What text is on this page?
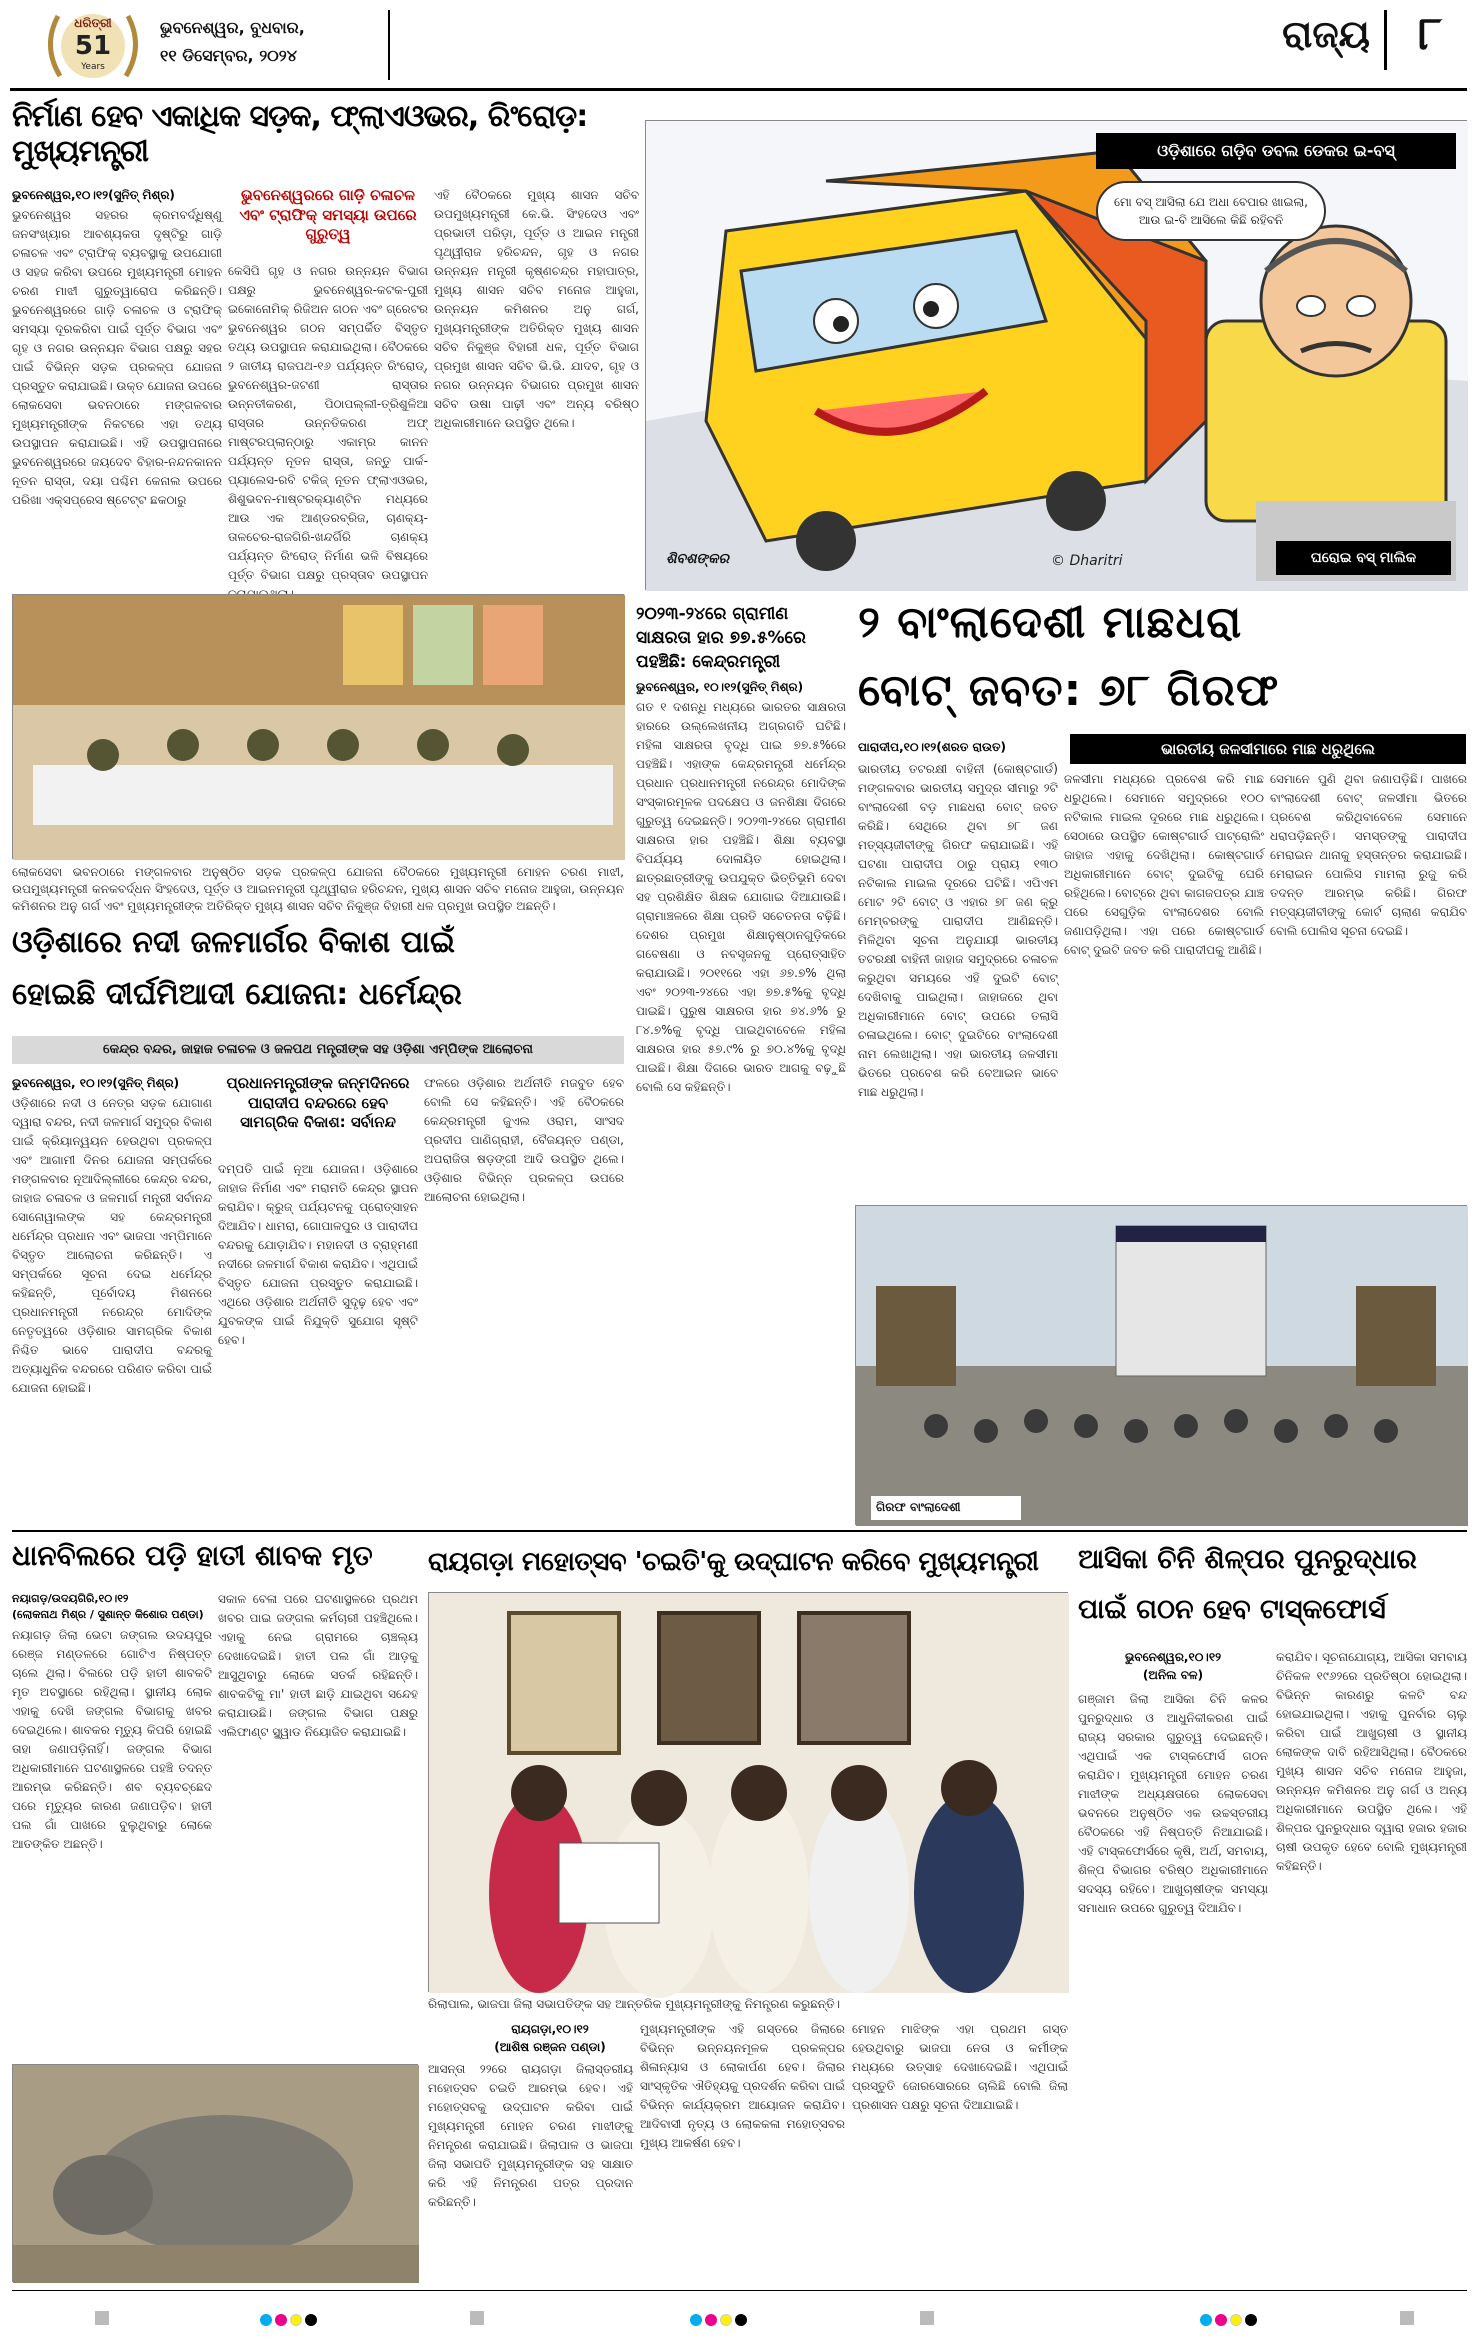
ଧରିତ୍ରୀ
51
Years
ଭୁବନେଶ୍ୱର, ବୁଧବାର,
୧୧ ଡିସେମ୍ବର, ୨୦୨୪	ରାଜ୍ୟ	୮
ନିର୍ମାଣ ହେବ ଏକାଧିକ ସଡ଼କ, ଫ୍ଲାଏଓଭର, ରିଂରୋଡ଼: ମୁଖ୍ୟମନ୍ତ୍ରୀ
ଭୁବନେଶ୍ୱର,୧୦।୧୨(ସୁନିତ୍ ମିଶ୍ର)
ଭୁବନେଶ୍ୱର ସହରର କ୍ରମବର୍ଦ୍ଧିଷ୍ଣୁ ଜନସଂଖ୍ୟାର ଆବଶ୍ୟକତା ଦୃଷ୍ଟିରୁ ଗାଡ଼ି ଚଳାଚଳ ଏବଂ ଟ୍ରାଫିକ୍ ବ୍ୟବସ୍ଥାକୁ ଉପଯୋଗୀ ଓ ସହଜ କରିବା ଉପରେ ମୁଖ୍ୟମନ୍ତ୍ରୀ ମୋହନ ଚରଣ ମାଝୀ ଗୁରୁତ୍ୱାରୋପ କରିଛନ୍ତି। ଭୁବନେଶ୍ୱରରେ ଗାଡ଼ି ଚଳାଚଳ ଓ ଟ୍ରାଫିକ୍ ସମସ୍ୟା ଦୂରକରିବା ପାଇଁ ପୂର୍ତ୍ତ ବିଭାଗ ଏବଂ ଗୃହ ଓ ନଗର ଉନ୍ନୟନ ବିଭାଗ ପକ୍ଷରୁ ସହର ପାଇଁ ବିଭିନ୍ନ ସଡ଼କ ପ୍ରକଳ୍ପ ଯୋଜନା ପ୍ରସ୍ତୁତ କରାଯାଇଛି। ଉକ୍ତ ଯୋଜନା ଉପରେ ଲୋକସେବା ଭବନଠାରେ ମଙ୍ଗଳବାର ମୁଖ୍ୟମନ୍ତ୍ରୀଙ୍କ ନିକଟରେ ଏହା ତଥ୍ୟ ଉପସ୍ଥାପନ କରାଯାଇଛି। ଏହି ଉପସ୍ଥାପନାରେ ଭୁବନେଶ୍ୱରରେ ଜୟଦେବ ବିହାର-ନନ୍ଦନକାନନ ନୂତନ ରାସ୍ତା, ଦୟା ପଶ୍ଚିମ କେନାଲ ଉପରେ ପରିଖା ଏକ୍ସପ୍ରେସ ଷ୍ଟେଟ୍ଟ ଛକଠାରୁ
ଭୁବନେଶ୍ୱରରେ ଗାଡ଼ି ଚଳାଚଳ ଏବଂ ଟ୍ରାଫିକ୍ ସମସ୍ୟା ଉପରେ ଗୁରୁତ୍ୱ
କେସିପି ଗୃହ ଓ ନଗର ଉନ୍ନୟନ ବିଭାଗ ପକ୍ଷରୁ ଭୁବନେଶ୍ୱର-କଟକ-ପୁରୀ ଇକୋନୋମିକ୍ ରିଜିଅନ ଗଠନ ଏବଂ ଗ୍ରେଟର ଭୁବନେଶ୍ୱର ଗଠନ ସମ୍ପର୍କିତ ବିସ୍ତୃତ ତଥ୍ୟ ଉପସ୍ଥାପନ କରାଯାଇଥିଲା। ବୈଠକରେ ୨ ଜାତୀୟ ରାଜପଥ-୧୬ ପର୍ଯ୍ୟନ୍ତ ରିଂରୋଡ୍, ଭୁବନେଶ୍ୱର-ଜଟଣୀ ରାସ୍ତାର ଉନ୍ନତୀକରଣ, ପିଠାପଲ୍ଲୀ-ତ୍ରିଶୁଳିଆ ରାସ୍ତାର ଉନ୍ନତିକରଣ ଅଫ୍ ମାଷ୍ଟରପ୍ଲାନ୍ଠାରୁ ଏକାମ୍ର କାନନ ପର୍ଯ୍ୟନ୍ତ ନୂତନ ରାସ୍ତା, ଜନ୍ତୁ ପାର୍କ-ପ୍ୟାଲେସ-ରବି ଟକିଜ୍ ନୂତନ ଫ୍ଲାଏଓଭର, ଶିଶୁଭବନ-ମାଷ୍ଟରକ୍ୟାଣ୍ଟିନ ମଧ୍ୟରେ ଆଉ ଏକ ଆଣ୍ଡରବ୍ରିଜ, ଚାଣକ୍ୟ-ତାଳଚେର-ରାଜଗିରି-ଖନ୍ଦର୍ଗିରି ଚାଣକ୍ୟ ପର୍ଯ୍ୟନ୍ତ ରିଂରୋଡ୍ ନିର୍ମାଣ ଭଳି ବିଷୟରେ ପୂର୍ତ୍ତ ବିଭାଗ ପକ୍ଷରୁ ପ୍ରସ୍ତାବ ଉପସ୍ଥାପନ
ଏହି ବୈଠକରେ ମୁଖ୍ୟ ଶାସନ ସଚିବ ଉପମୁଖ୍ୟମନ୍ତ୍ରୀ କେ.ଭି. ସିଂହଦେଓ ଏବଂ ପ୍ରଭାତୀ ପରିଡ଼ା, ପୂର୍ତ୍ତ ଓ ଆଇନ ମନ୍ତ୍ରୀ ପୃଥ୍ୱୀରାଜ ହରିଚନ୍ଦନ, ଗୃହ ଓ ନଗର ଉନ୍ନୟନ ମନ୍ତ୍ରୀ କୃଷ୍ଣଚନ୍ଦ୍ର ମହାପାତ୍ର, ମୁଖ୍ୟ ଶାସନ ସଚିବ ମନୋଜ ଆହୁଜା, ଉନ୍ନୟନ କମିଶନର ଅନୁ ଗର୍ଗ, ମୁଖ୍ୟମନ୍ତ୍ରୀଙ୍କ ଅତିରିକ୍ତ ମୁଖ୍ୟ ଶାସନ ସଚିବ ନିକୁଞ୍ଜ ବିହାରୀ ଧଳ, ପୂର୍ତ୍ତ ବିଭାଗ ପ୍ରମୁଖ ଶାସନ ସଚିବ ଭି.ଭି. ଯାଦବ, ଗୃହ ଓ ନଗର ଉନ୍ନୟନ ବିଭାଗର ପ୍ରମୁଖ ଶାସନ ସଚିବ ଉଷା ପାଢ଼ୀ ଏବଂ ଅନ୍ୟ ବରିଷ୍ଠ ଅଧିକାରୀମାନେ ଉପସ୍ଥିତ ଥିଲେ।
ଓଡ଼ିଶାରେ ଗଡ଼ିବ ଡବଲ ଡେକର ଇ-ବସ୍
ମୋ ବସ୍ ଆସିଲା ଯେ ଅଧା ବେପାର ଖାଇଲା, ଆଉ ଇ-ବି ଆସିଲେ କିଛି ରହିବନି
ଶିବଶଙ୍କର	© Dharitri	ଘରୋଇ ବସ୍ ମାଲିକ
ଲୋକସେବା ଭବନଠାରେ ମଙ୍ଗଳବାର ଅନୁଷ୍ଠିତ ସଡ଼କ ପ୍ରକଳ୍ପ ଯୋଜନା ବୈଠକରେ ମୁଖ୍ୟମନ୍ତ୍ରୀ ମୋହନ ଚରଣ ମାଝୀ, ଉପମୁଖ୍ୟମନ୍ତ୍ରୀ କନକବର୍ଦ୍ଧନ ସିଂହଦେଓ, ପୂର୍ତ୍ତ ଓ ଆଇନମନ୍ତ୍ରୀ ପୃଥ୍ୱୀରାଜ ହରିଚନ୍ଦନ, ମୁଖ୍ୟ ଶାସନ ସଚିବ ମନୋଜ ଆହୁଜା, ଉନ୍ନୟନ କମିଶନର ଅନୁ ଗର୍ଗ ଏବଂ ମୁଖ୍ୟମନ୍ତ୍ରୀଙ୍କ ଅତିରିକ୍ତ ମୁଖ୍ୟ ଶାସନ ସଚିବ ନିକୁଞ୍ଜ ବିହାରୀ ଧଳ ପ୍ରମୁଖ ଉପସ୍ଥିତ ଅଛନ୍ତି।
୨୦୨୩-୨୪ରେ ଗ୍ରାମୀଣ ସାକ୍ଷରତା ହାର ୭୭.୫%ରେ ପହଞ୍ଚିଛି: କେନ୍ଦ୍ରମନ୍ତ୍ରୀ
ଭୁବନେଶ୍ୱର, ୧୦।୧୨(ସୁନିତ୍ ମିଶ୍ର)
ଗତ ୧ ଦଶନ୍ଧି ମଧ୍ୟରେ ଭାରତର ସାକ୍ଷରତା ହାରରେ ଉଲ୍ଲେଖନୀୟ ଅଗ୍ରଗତି ଘଟିଛି। ମହିଳା ସାକ୍ଷରତା ବୃଦ୍ଧି ପାଇ ୭୭.୫%ରେ ପହଞ୍ଚିଛି। ଏହାଙ୍କ କେନ୍ଦ୍ରମନ୍ତ୍ରୀ ଧର୍ମେନ୍ଦ୍ର ପ୍ରଧାନ ପ୍ରଧାନମନ୍ତ୍ରୀ ନରେନ୍ଦ୍ର ମୋଦିଙ୍କ ସଂସ୍କାରମୂଳକ ପଦକ୍ଷେପ ଓ ଜନଶିକ୍ଷା ଦିଗରେ ଗୁରୁତ୍ୱ ଦେଇଛନ୍ତି। ୨୦୨୩-୨୪ରେ ଗ୍ରାମୀଣ ସାକ୍ଷରତା ହାର ପହଞ୍ଚିଛି। ଶିକ୍ଷା ବ୍ୟବସ୍ଥା ବିପର୍ଯ୍ୟୟ ଦୋଳାୟିତ ହୋଇଥିଲା। ଛାତ୍ରଛାତ୍ରୀଙ୍କୁ ଉପଯୁକ୍ତ ଭିତ୍ତିଭୂମି ଦେବା ସହ ପ୍ରଶିକ୍ଷିତ ଶିକ୍ଷକ ଯୋଗାଇ ଦିଆଯାଉଛି। ଗ୍ରାମାଞ୍ଚଳରେ ଶିକ୍ଷା ପ୍ରତି ସଚେତନତା ବଢ଼ିଛି। ଦେଶର ପ୍ରମୁଖ ଶିକ୍ଷାନୁଷ୍ଠାନଗୁଡ଼ିକରେ ଗବେଷଣା ଓ ନବସୃଜନକୁ ପ୍ରୋତ୍ସାହିତ କରାଯାଉଛି। ୨୦୧୧ରେ ଏହା ୬୭.୭% ଥିଲା ଏବଂ ୨୦୨୩-୨୪ରେ ଏହା ୭୭.୫%କୁ ବୃଦ୍ଧି ପାଇଛି। ପୁରୁଷ ସାକ୍ଷରତା ହାର ୭୪.୬% ରୁ ୮୪.୭%କୁ ବୃଦ୍ଧି ପାଇଥିବାବେଳେ ମହିଳା ସାକ୍ଷରତା ହାର ୫୭.୯% ରୁ ୭୦.୪%କୁ ବୃଦ୍ଧି ପାଇଛି। ଶିକ୍ଷା ଦିଗରେ ଭାରତ ଆଗକୁ ବଢ଼ୁଛି ବୋଲି ସେ କହିଛନ୍ତି।
୨ ବାଂଲାଦେଶୀ ମାଛଧରା
ବୋଟ୍ ଜବତ: ୭୮ ଗିରଫ
ପାରାଦୀପ,୧୦।୧୨(ଶରତ ରାଉତ)	ଭାରତୀୟ ଜଳସୀମାରେ ମାଛ ଧରୁଥିଲେ
ଭାରତୀୟ ତଟରକ୍ଷୀ ବାହିନୀ (କୋଷ୍ଟଗାର୍ଡ) ମଙ୍ଗଳବାର ଭାରତୀୟ ସମୁଦ୍ର ସୀମାରୁ ୨ଟି ବାଂଲାଦେଶୀ ବଡ଼ ମାଛଧରା ବୋଟ୍ ଜବତ କରିଛି। ସେଥିରେ ଥିବା ୭୮ ଜଣ ମତ୍ସ୍ୟଜୀବୀଙ୍କୁ ଗିରଫ କରାଯାଇଛି। ଏହି ଘଟଣା ପାରାଦୀପ ଠାରୁ ପ୍ରାୟ ୧୩୦ ନଟିକାଲ ମାଇଲ ଦୂରରେ ଘଟିଛି। ଏପିଏମ ମୋଟ ୨ଟି ବୋଟ୍ ଓ ଏହାର ୭୮ ଜଣ କ୍ରୁ ମେମ୍ବରଙ୍କୁ ପାରାଦୀପ ଆଣିଛନ୍ତି। ମିଳିଥିବା ସୂଚନା ଅନୁଯାୟୀ ଭାରତୀୟ ତଟରକ୍ଷୀ ବାହିନୀ ଜାହାଜ ସମୁଦ୍ରରେ ଚଳାଚଳ କରୁଥିବା ସମୟରେ ଏହି ଦୁଇଟି ବୋଟ୍ ଦେଖିବାକୁ ପାଇଥିଲା। ଜାହାଜରେ ଥିବା ଅଧିକାରୀମାନେ ବୋଟ୍ ଉପରେ ତଲାସି ଚଳାଇଥିଲେ। ବୋଟ୍ ଦୁଇଟିରେ ବାଂଲାଦେଶୀ ନାମ ଲେଖାଥିଲା। ଏହା ଭାରତୀୟ ଜଳସୀମା ଭିତରେ ପ୍ରବେଶ କରି ବେଆଇନ ଭାବେ ମାଛ ଧରୁଥିଲା।
ଜଳସୀମା ମଧ୍ୟରେ ପ୍ରବେଶ କରି ମାଛ ଧରୁଥିଲେ। ସେମାନେ ସମୁଦ୍ରରେ ୧୦୦ ନଟିକାଲ ମାଇଲ ଦୂରରେ ମାଛ ଧରୁଥିଲେ। ସେଠାରେ ଉପସ୍ଥିତ କୋଷ୍ଟଗାର୍ଡ ପାଟ୍ରୋଲିଂ ଜାହାଜ ଏହାକୁ ଦେଖିଥିଲା। କୋଷ୍ଟଗାର୍ଡ ଅଧିକାରୀମାନେ ବୋଟ୍ ଦୁଇଟିକୁ ଘେରି ରହିଥିଲେ। ବୋଟ୍‌ରେ ଥିବା କାଗଜପତ୍ର ଯାଞ୍ଚ ପରେ ସେଗୁଡ଼ିକ ବାଂଲାଦେଶର ବୋଲି ଜଣାପଡ଼ିଥିଲା। ଏହା ପରେ କୋଷ୍ଟଗାର୍ଡ ବୋଟ୍ ଦୁଇଟି ଜବତ କରି ପାରାଦୀପକୁ ଆଣିଛି।
ସେମାନେ ପୁଣି ଥିବା ଜଣାପଡ଼ିଛି। ପାଖରେ ବାଂଲାଦେଶୀ ବୋଟ୍ ଜଳସୀମା ଭିତରେ ପ୍ରବେଶ କରିଥିବାବେଳେ ସେମାନେ ଧରାପଡ଼ିଛନ୍ତି। ସମସ୍ତଙ୍କୁ ପାରାଦୀପ ମେରାଇନ ଥାନାକୁ ହସ୍ତାନ୍ତର କରାଯାଇଛି। ମେରାଇନ ପୋଲିସ ମାମଲା ରୁଜୁ କରି ତଦନ୍ତ ଆରମ୍ଭ କରିଛି। ଗିରଫ ମତ୍ସ୍ୟଜୀବୀଙ୍କୁ କୋର୍ଟ ଚାଲାଣ କରାଯିବ ବୋଲି ପୋଲିସ ସୂଚନା ଦେଇଛି।
ଗିରଫ ବାଂଲାଦେଶୀ
ଓଡ଼ିଶାରେ ନଦୀ ଜଳମାର୍ଗର ବିକାଶ ପାଇଁ
ହୋଇଛି ଦୀର୍ଘମିଆଦୀ ଯୋଜନା: ଧର୍ମେନ୍ଦ୍ର
କେନ୍ଦ୍ର ବନ୍ଦର, ଜାହାଜ ଚଳାଚଳ ଓ ଜଳପଥ ମନ୍ତ୍ରୀଙ୍କ ସହ ଓଡ଼ିଶା ଏମ୍ପିଙ୍କ ଆଲୋଚନା
ଭୁବନେଶ୍ୱର, ୧୦।୧୨(ସୁନିତ୍ ମିଶ୍ର)
ଓଡ଼ିଶାରେ ନଦୀ ଓ ନେତ୍ର ସଡ଼କ ଯୋଗାଣ ଦ୍ୱାରା ବନ୍ଦର, ନଦୀ ଜଳମାର୍ଗ ସମୁଦ୍ର ବିକାଶ ପାଇଁ କ୍ରିୟାନ୍ୱୟନ ହେଉଥିବା ପ୍ରକଳ୍ପ ଏବଂ ଆଗାମୀ ଦିନର ଯୋଜନା ସମ୍ପର୍କରେ ମଙ୍ଗଳବାର ନୂଆଦିଲ୍ଲୀରେ କେନ୍ଦ୍ର ବନ୍ଦର, ଜାହାଜ ଚଳାଚଳ ଓ ଜଳମାର୍ଗ ମନ୍ତ୍ରୀ ସର୍ବାନନ୍ଦ ସୋନୋୱାଲଙ୍କ ସହ କେନ୍ଦ୍ରମନ୍ତ୍ରୀ ଧର୍ମେନ୍ଦ୍ର ପ୍ରଧାନ ଏବଂ ଭାଜପା ଏମ୍ପିମାନେ ବିସ୍ତୃତ ଆଲୋଚନା କରିଛନ୍ତି। ଏ ସମ୍ପର୍କରେ ସୂଚନା ଦେଇ ଧର୍ମେନ୍ଦ୍ର କହିଛନ୍ତି, ପୂର୍ବୋଦୟ ମିଶନରେ ପ୍ରଧାନମନ୍ତ୍ରୀ ନରେନ୍ଦ୍ର ମୋଦିଙ୍କ ନେତୃତ୍ୱରେ ଓଡ଼ିଶାର ସାମଗ୍ରିକ ବିକାଶ ନିଶ୍ଚିତ ଭାବେ ପାରାଦୀପ ବନ୍ଦରକୁ ଅତ୍ୟାଧୁନିକ ବନ୍ଦରରେ ପରିଣତ କରିବା ପାଇଁ ଯୋଜନା ହୋଇଛି।
ପ୍ରଧାନମନ୍ତ୍ରୀଙ୍କ ଜନ୍ମଦିନରେ ପାରାଦୀପ ବନ୍ଦରରେ ହେବ ସାମଗ୍ରିକ ବିକାଶ: ସର୍ବାନନ୍ଦ
ଦମ୍ପତି ପାଇଁ ନୂଆ ଯୋଜନା। ଓଡ଼ିଶାରେ ଜାହାଜ ନିର୍ମାଣ ଏବଂ ମରାମତି କେନ୍ଦ୍ର ସ୍ଥାପନ କରାଯିବ। କ୍ରୁଜ୍ ପର୍ଯ୍ୟଟନକୁ ପ୍ରୋତ୍ସାହନ ଦିଆଯିବ। ଧାମରା, ଗୋପାଳପୁର ଓ ପାରାଦୀପ ବନ୍ଦରକୁ ଯୋଡ଼ାଯିବ। ମହାନଦୀ ଓ ବ୍ରାହ୍ମଣୀ ନଦୀରେ ଜଳମାର୍ଗ ବିକାଶ କରାଯିବ। ଏଥିପାଇଁ ବିସ୍ତୃତ ଯୋଜନା ପ୍ରସ୍ତୁତ କରାଯାଇଛି। ଏଥିରେ ଓଡ଼ିଶାର ଅର୍ଥନୀତି ସୁଦୃଢ଼ ହେବ ଏବଂ ଯୁବକଙ୍କ ପାଇଁ ନିଯୁକ୍ତି ସୁଯୋଗ ସୃଷ୍ଟି ହେବ।
ଫଳରେ ଓଡ଼ିଶାର ଅର୍ଥନୀତି ମଜବୁତ ହେବ ବୋଲି ସେ କହିଛନ୍ତି। ଏହି ବୈଠକରେ କେନ୍ଦ୍ରମନ୍ତ୍ରୀ ଜୁଏଲ ଓରାମ, ସାଂସଦ ପ୍ରଦୀପ ପାଣିଗ୍ରାହୀ, ବୈଜୟନ୍ତ ପଣ୍ଡା, ଅପରାଜିତା ଷଡ଼ଙ୍ଗୀ ଆଦି ଉପସ୍ଥିତ ଥିଲେ। ଓଡ଼ିଶାର ବିଭିନ୍ନ ପ୍ରକଳ୍ପ ଉପରେ ଆଲୋଚନା ହୋଇଥିଲା।
ଧାନବିଲରେ ପଡ଼ି ହାତୀ ଶାବକ ମୃତ
ନୟାଗଡ଼/ଉଦୟଗିରି,୧୦।୧୨
(ଲୋକନାଥ ମିଶ୍ର / ସୁଶାନ୍ତ କିଶୋର ପଣ୍ଡା)
ନୟାଗଡ଼ ଜିଲା ଭେଟା ଜଙ୍ଗଲ ଉଦୟପୁର ରେଞ୍ଜ ମଣ୍ଡଳରେ ଗୋଟିଏ ନିଷ୍ପତ୍ତ ଚାଲେ ଥିଲା। ବିଲରେ ପଡ଼ି ହାତୀ ଶାବକଟି ମୃତ ଅବସ୍ଥାରେ ରହିଥିଲା। ସ୍ଥାନୀୟ ଲୋକ ଏହାକୁ ଦେଖି ଜଙ୍ଗଲ ବିଭାଗକୁ ଖବର ଦେଇଥିଲେ। ଶାବକର ମୃତ୍ୟୁ କିପରି ହୋଇଛି ତାହା ଜଣାପଡ଼ିନାହିଁ। ଜଙ୍ଗଲ ବିଭାଗ ଅଧିକାରୀମାନେ ଘଟଣାସ୍ଥଳରେ ପହଞ୍ଚି ତଦନ୍ତ ଆରମ୍ଭ କରିଛନ୍ତି। ଶବ ବ୍ୟବଚ୍ଛେଦ ପରେ ମୃତ୍ୟୁର କାରଣ ଜଣାପଡ଼ିବ। ହାତୀ ପଲ ଗାଁ ପାଖରେ ବୁଲୁଥିବାରୁ ଲୋକେ ଆତଙ୍କିତ ଅଛନ୍ତି।
ସକାଳ ବେଳା ପରେ ଘଟଣାସ୍ଥଳରେ ପ୍ରଥମ ଖବର ପାଇ ଜଙ୍ଗଲ କର୍ମଚାରୀ ପହଞ୍ଚିଥିଲେ। ଏହାକୁ ନେଇ ଗ୍ରାମରେ ଚାଞ୍ଚଲ୍ୟ ଦେଖାଦେଇଛି। ହାତୀ ପଲ ଗାଁ ଆଡ଼କୁ ଆସୁଥିବାରୁ ଲୋକେ ସତର୍କ ରହିଛନ୍ତି। ଶାବକଟିକୁ ମା' ହାତୀ ଛାଡ଼ି ଯାଇଥିବା ସନ୍ଦେହ କରାଯାଉଛି। ଜଙ୍ଗଲ ବିଭାଗ ପକ୍ଷରୁ ଏଲିଫାଣ୍ଟ ସ୍କ୍ୱାଡ ନିୟୋଜିତ କରାଯାଇଛି।
ରାୟଗଡ଼ା ମହୋତ୍ସବ 'ଚଇତି'କୁ ଉଦ୍‌ଘାଟନ କରିବେ ମୁଖ୍ୟମନ୍ତ୍ରୀ
ରିଲାପାଲ, ଭାଜପା ଜିଲା ସଭାପତିଙ୍କ ସହ ଆନ୍ତରିକ ମୁଖ୍ୟମନ୍ତ୍ରୀଙ୍କୁ ନିମନ୍ତ୍ରଣ କରୁଛନ୍ତି।
ରାୟଗଡ଼ା,୧୦।୧୨
(ଆଶିଷ ରଞ୍ଜନ ପଣ୍ଡା)
ଆସନ୍ତା ୨୨ରେ ରାୟଗଡ଼ା ଜିଲାସ୍ତରୀୟ ମହୋତ୍ସବ ଚଇତି ଆରମ୍ଭ ହେବ। ଏହି ମହୋତ୍ସବକୁ ଉଦ୍‌ଘାଟନ କରିବା ପାଇଁ ମୁଖ୍ୟମନ୍ତ୍ରୀ ମୋହନ ଚରଣ ମାଝୀଙ୍କୁ ନିମନ୍ତ୍ରଣ କରାଯାଇଛି। ଜିଲାପାଳ ଓ ଭାଜପା ଜିଲା ସଭାପତି ମୁଖ୍ୟମନ୍ତ୍ରୀଙ୍କ ସହ ସାକ୍ଷାତ କରି ଏହି ନିମନ୍ତ୍ରଣ ପତ୍ର ପ୍ରଦାନ କରିଛନ୍ତି।
ମୁଖ୍ୟମନ୍ତ୍ରୀଙ୍କ ଏହି ଗସ୍ତରେ ଜିଲାରେ ବିଭିନ୍ନ ଉନ୍ନୟନମୂଳକ ପ୍ରକଳ୍ପର ଶିଳାନ୍ୟାସ ଓ ଲୋକାର୍ପଣ ହେବ। ଜିଲାର ସାଂସ୍କୃତିକ ଐତିହ୍ୟକୁ ପ୍ରଦର୍ଶନ କରିବା ପାଇଁ ବିଭିନ୍ନ କାର୍ଯ୍ୟକ୍ରମ ଆୟୋଜନ କରାଯିବ। ଆଦିବାସୀ ନୃତ୍ୟ ଓ ଲୋକକଳା ମହୋତ୍ସବର ମୁଖ୍ୟ ଆକର୍ଷଣ ହେବ।
ମୋହନ ମାଝିଙ୍କ ଏହା ପ୍ରଥମ ଗସ୍ତ ହେଉଥିବାରୁ ଭାଜପା ନେତା ଓ କର୍ମୀଙ୍କ ମଧ୍ୟରେ ଉତ୍ସାହ ଦେଖାଦେଇଛି। ଏଥିପାଇଁ ପ୍ରସ୍ତୁତି ଜୋରସୋରରେ ଚାଲିଛି ବୋଲି ଜିଲା ପ୍ରଶାସନ ପକ୍ଷରୁ ସୂଚନା ଦିଆଯାଇଛି।
ଆସିକା ଚିନି ଶିଳ୍ପର ପୁନରୁଦ୍ଧାର
ପାଇଁ ଗଠନ ହେବ ଟାସ୍କଫୋର୍ସ
ଭୁବନେଶ୍ୱର,୧୦।୧୨
(ଅନିଲ ବଳ)
ଗଞ୍ଜାମ ଜିଲା ଆସିକା ଚିନି କଳର ପୁନରୁଦ୍ଧାର ଓ ଆଧୁନିକୀକରଣ ପାଇଁ ରାଜ୍ୟ ସରକାର ଗୁରୁତ୍ୱ ଦେଇଛନ୍ତି। ଏଥିପାଇଁ ଏକ ଟାସ୍କଫୋର୍ସ ଗଠନ କରାଯିବ। ମୁଖ୍ୟମନ୍ତ୍ରୀ ମୋହନ ଚରଣ ମାଝୀଙ୍କ ଅଧ୍ୟକ୍ଷତାରେ ଲୋକସେବା ଭବନରେ ଅନୁଷ୍ଠିତ ଏକ ଉଚ୍ଚସ୍ତରୀୟ ବୈଠକରେ ଏହି ନିଷ୍ପତ୍ତି ନିଆଯାଇଛି। ଏହି ଟାସ୍କଫୋର୍ସରେ କୃଷି, ଅର୍ଥ, ସମବାୟ, ଶିଳ୍ପ ବିଭାଗର ବରିଷ୍ଠ ଅଧିକାରୀମାନେ ସଦସ୍ୟ ରହିବେ। ଆଖୁଚାଷୀଙ୍କ ସମସ୍ୟା ସମାଧାନ ଉପରେ ଗୁରୁତ୍ୱ ଦିଆଯିବ।
କରାଯିବ। ସୂଚନାଯୋଗ୍ୟ, ଆସିକା ସମବାୟ ଚିନିକଳ ୧୯୬୨ରେ ପ୍ରତିଷ୍ଠା ହୋଇଥିଲା। ବିଭିନ୍ନ କାରଣରୁ କଳଟି ବନ୍ଦ ହୋଇଯାଇଥିଲା। ଏହାକୁ ପୁନର୍ବାର ଚାଲୁ କରିବା ପାଇଁ ଆଖୁଚାଷୀ ଓ ସ୍ଥାନୀୟ ଲୋକଙ୍କ ଦାବି ରହିଆସିଥିଲା। ବୈଠକରେ ମୁଖ୍ୟ ଶାସନ ସଚିବ ମନୋଜ ଆହୁଜା, ଉନ୍ନୟନ କମିଶନର ଅନୁ ଗର୍ଗ ଓ ଅନ୍ୟ ଅଧିକାରୀମାନେ ଉପସ୍ଥିତ ଥିଲେ। ଏହି ଶିଳ୍ପର ପୁନରୁଦ୍ଧାର ଦ୍ୱାରା ହଜାର ହଜାର ଚାଷୀ ଉପକୃତ ହେବେ ବୋଲି ମୁଖ୍ୟମନ୍ତ୍ରୀ କହିଛନ୍ତି।
